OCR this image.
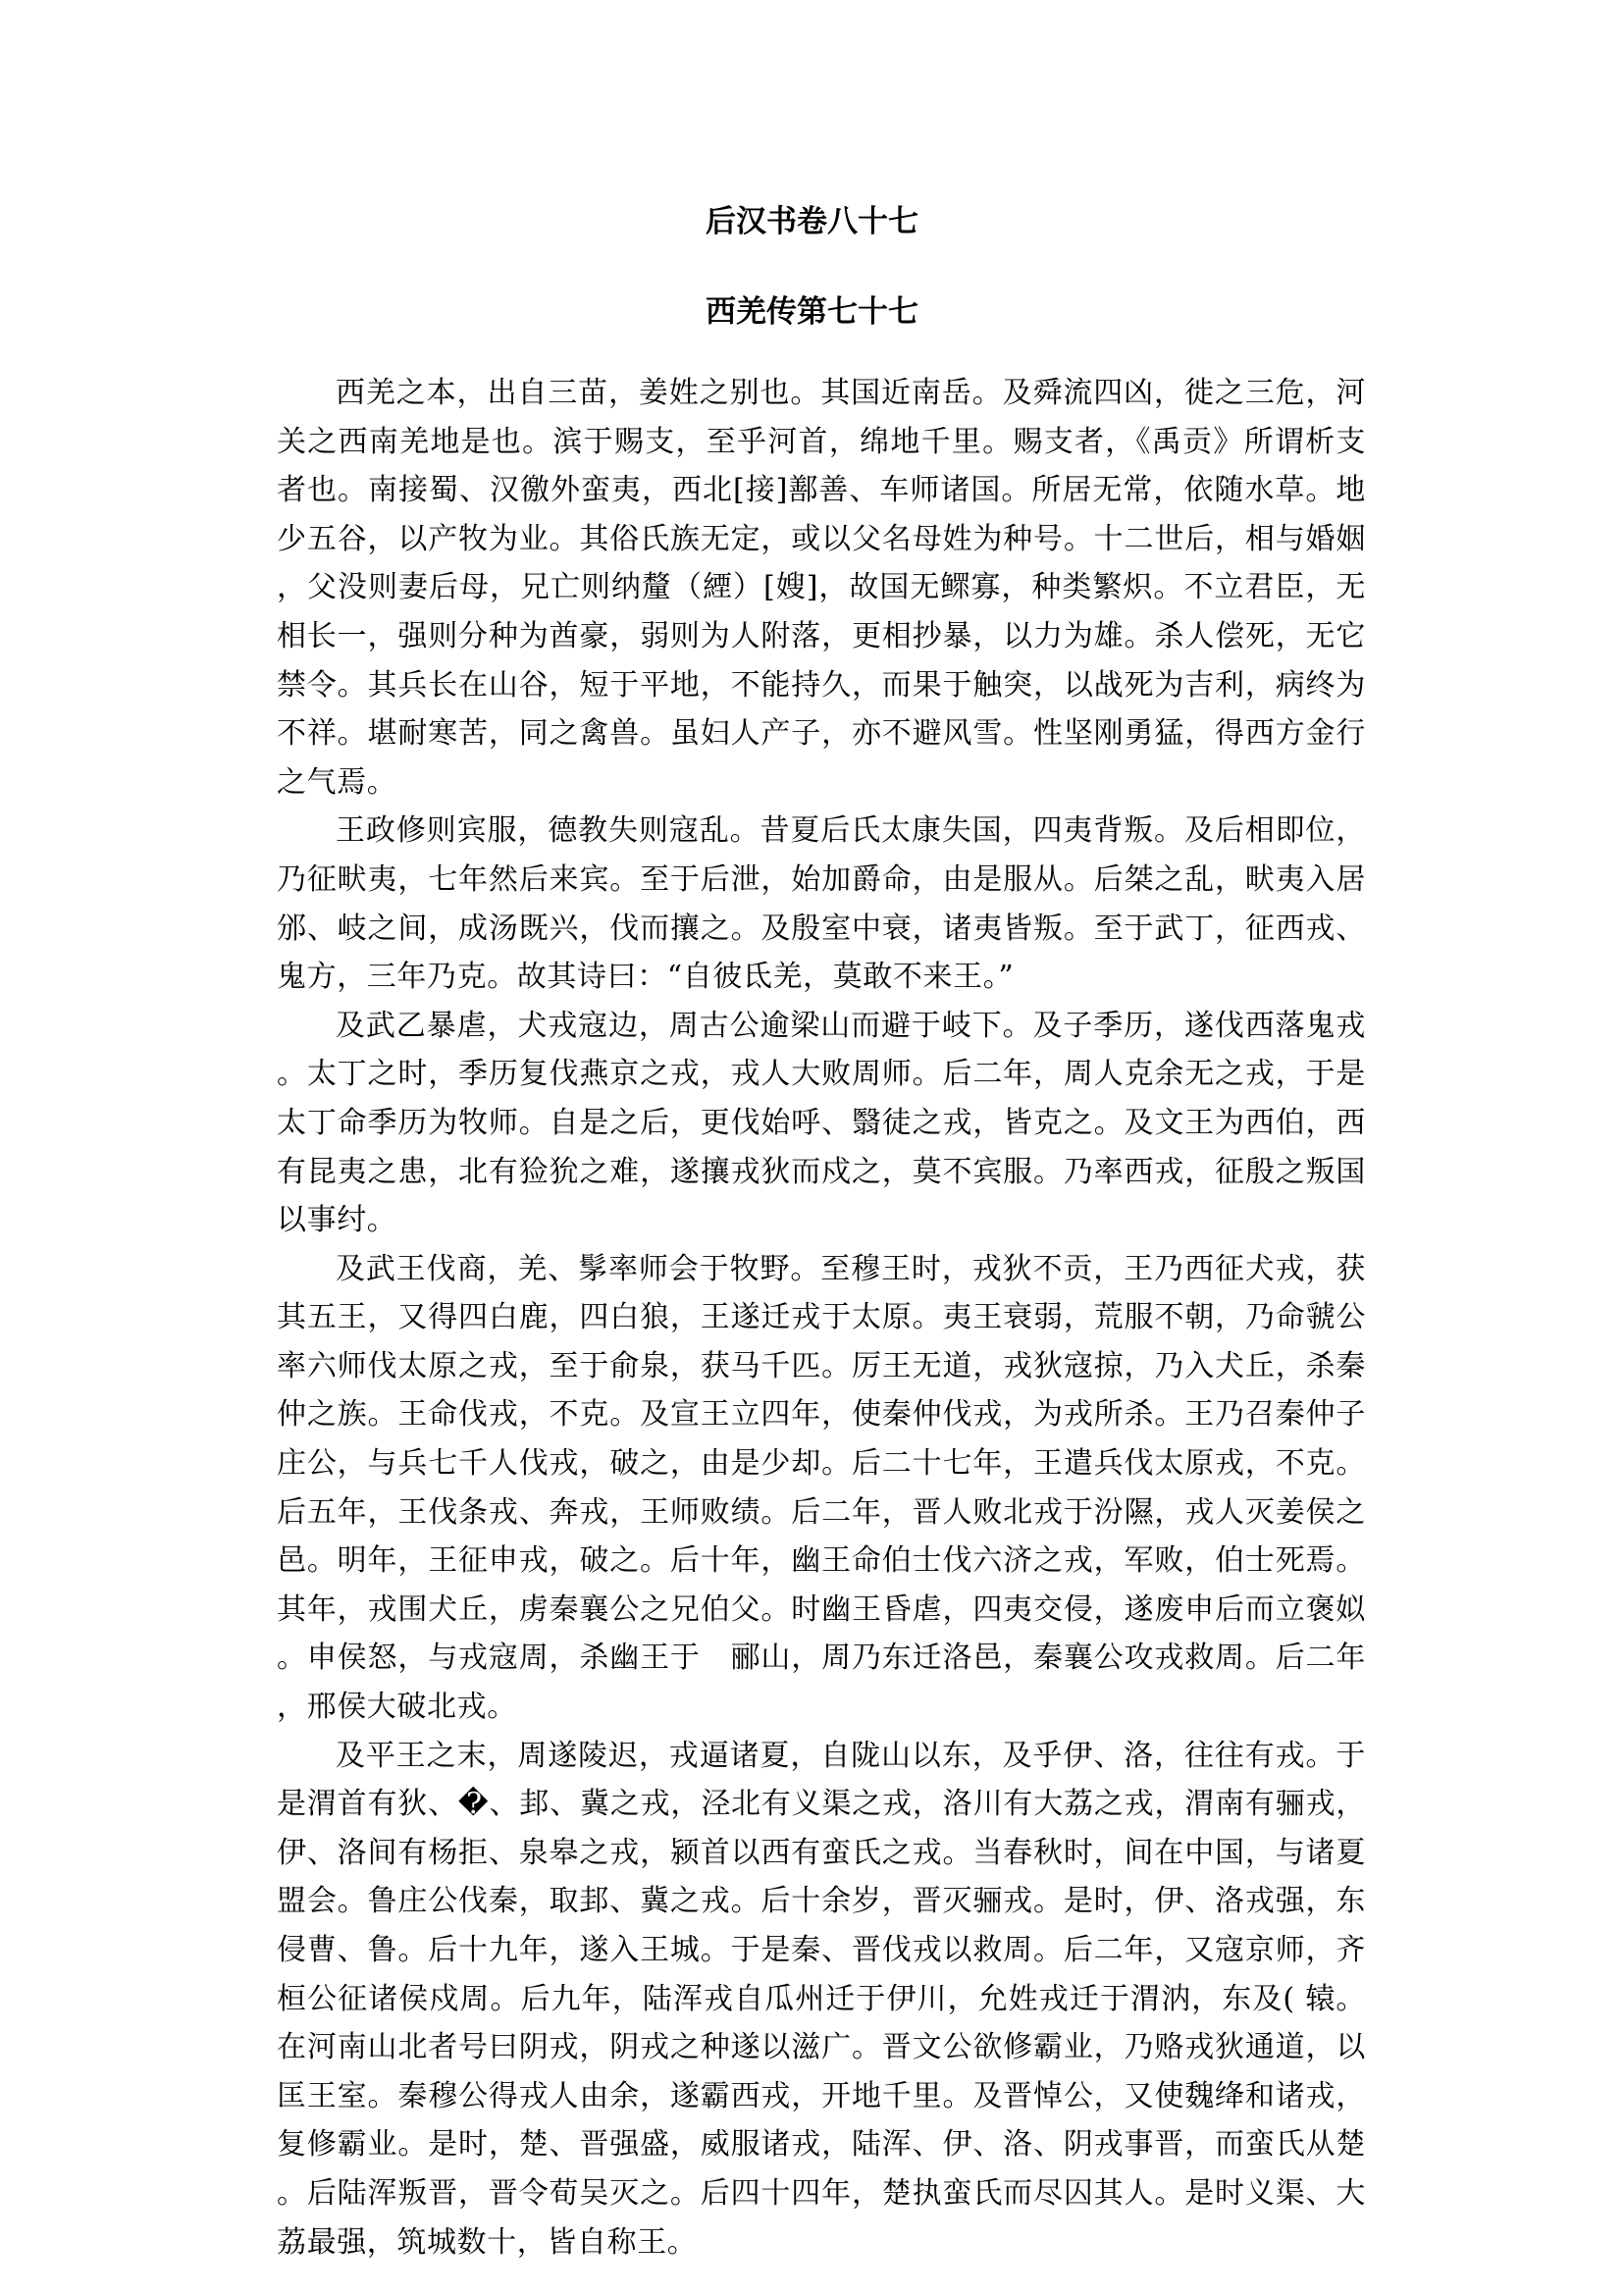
后汉书卷八十七
西羌传第七十七

西羌之本，出自三苗，姜姓之别也。其国近南岳。及舜流四凶，徙之三危，河关之西南羌地是也。滨于赐支，至乎河首，绵地千里。赐支者，《禹贡》所谓析支者也。南接蜀、汉徼外蛮夷，西北[接]鄯善、车师诸国。所居无常，依随水草。地少五谷，以产牧为业。其俗氏族无定，或以父名母姓为种号。十二世后，相与婚姻，父没则妻后母，兄亡则纳釐（緸）[嫂]，故国无鳏寡，种类繁炽。不立君臣，无相长一，强则分种为酋豪，弱则为人附落，更相抄暴，以力为雄。杀人偿死，无它禁令。其兵长在山谷，短于平地，不能持久，而果于触突，以战死为吉利，病终为不祥。堪耐寒苦，同之禽兽。虽妇人产子，亦不避风雪。性坚刚勇猛，得西方金行之气焉。

王政修则宾服，德教失则寇乱。昔夏后氏太康失国，四夷背叛。及后相即位，乃征畎夷，七年然后来宾。至于后泄，始加爵命，由是服从。后桀之乱，畎夷入居邠、岐之间，成汤既兴，伐而攘之。及殷室中衰，诸夷皆叛。至于武丁，征西戎、鬼方，三年乃克。故其诗曰：“自彼氐羌，莫敢不来王。”

及武乙暴虐，犬戎寇边，周古公逾梁山而避于岐下。及子季历，遂伐西落鬼戎。太丁之时，季历复伐燕京之戎，戎人大败周师。后二年，周人克余无之戎，于是太丁命季历为牧师。自是之后，更伐始呼、翳徒之戎，皆克之。及文王为西伯，西有昆夷之患，北有猃狁之难，遂攘戎狄而戍之，莫不宾服。乃率西戎，征殷之叛国以事纣。

及武王伐商，羌、髳率师会于牧野。至穆王时，戎狄不贡，王乃西征犬戎，获其五王，又得四白鹿，四白狼，王遂迁戎于太原。夷王衰弱，荒服不朝，乃命虢公率六师伐太原之戎，至于俞泉，获马千匹。厉王无道，戎狄寇掠，乃入犬丘，杀秦仲之族。王命伐戎，不克。及宣王立四年，使秦仲伐戎，为戎所杀。王乃召秦仲子庄公，与兵七千人伐戎，破之，由是少却。后二十七年，王遣兵伐太原戎，不克。后五年，王伐条戎、奔戎，王师败绩。后二年，晋人败北戎于汾隰，戎人灭姜侯之邑。明年，王征申戎，破之。后十年，幽王命伯士伐六济之戎，军败，伯士死焉。其年，戎围犬丘，虏秦襄公之兄伯父。时幽王昏虐，四夷交侵，遂废申后而立褒姒。申侯怒，与戎寇周，杀幽王于　郦山，周乃东迁洛邑，秦襄公攻戎救周。后二年，邢侯大破北戎。

及平王之末，周遂陵迟，戎逼诸夏，自陇山以东，及乎伊、洛，往往有戎。于是渭首有狄、�、邽、冀之戎，泾北有义渠之戎，洛川有大荔之戎，渭南有骊戎，伊、洛间有杨拒、泉皋之戎，颍首以西有蛮氏之戎。当春秋时，间在中国，与诸夏盟会。鲁庄公伐秦，取邽、冀之戎。后十余岁，晋灭骊戎。是时，伊、洛戎强，东侵曹、鲁。后十九年，遂入王城。于是秦、晋伐戎以救周。后二年，又寇京师，齐桓公征诸侯戍周。后九年，陆浑戎自瓜州迁于伊川，允姓戎迁于渭汭，东及( 辕。在河南山北者号曰阴戎，阴戎之种遂以滋广。晋文公欲修霸业，乃赂戎狄通道，以匡王室。秦穆公得戎人由余，遂霸西戎，开地千里。及晋悼公，又使魏绛和诸戎，复修霸业。是时，楚、晋强盛，威服诸戎，陆浑、伊、洛、阴戎事晋，而蛮氏从楚。后陆浑叛晋，晋令荀吴灭之。后四十四年，楚执蛮氏而尽囚其人。是时义渠、大荔最强，筑城数十，皆自称王。
